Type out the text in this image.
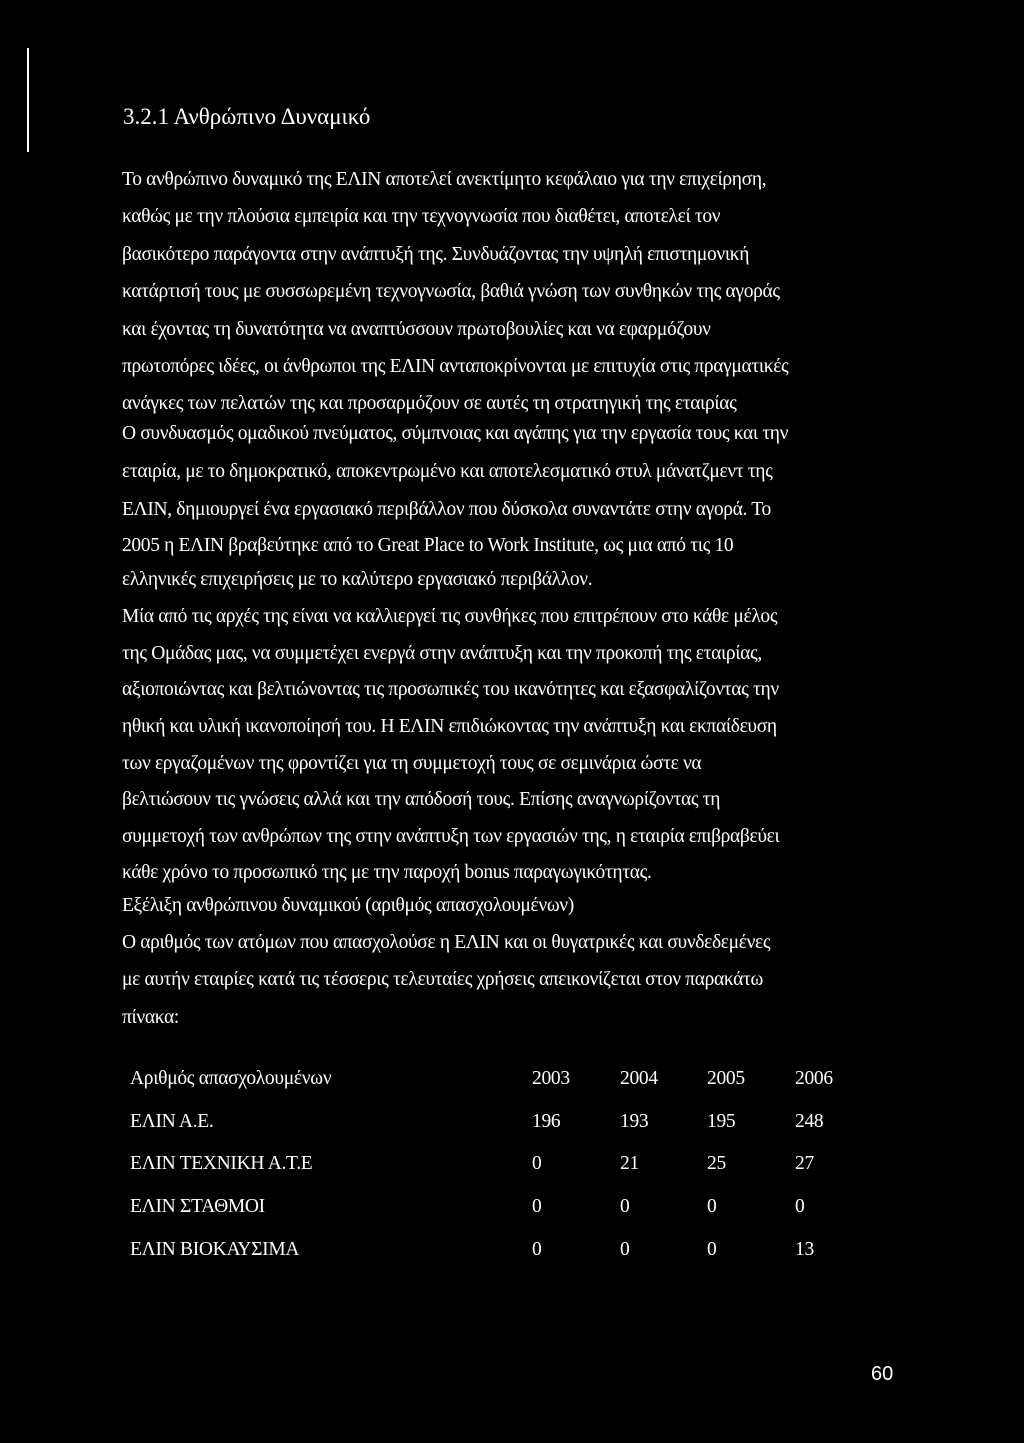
3.2.1 Ανθρώπινο Δυναμικό
Το ανθρώπινο δυναμικό της ΕΛΙΝ αποτελεί ανεκτίμητο κεφάλαιο για την επιχείρηση,
καθώς με την πλούσια εμπειρία και την τεχνογνωσία που διαθέτει, αποτελεί τον
βασικότερο παράγοντα στην ανάπτυξή της. Συνδυάζοντας την υψηλή επιστημονική
κατάρτισή τους με συσσωρεμένη τεχνογνωσία, βαθιά γνώση των συνθηκών της αγοράς
και έχοντας τη δυνατότητα να αναπτύσσουν πρωτοβουλίες και να εφαρμόζουν
πρωτοπόρες ιδέες, οι άνθρωποι της ΕΛΙΝ ανταποκρίνονται με επιτυχία στις πραγματικές
ανάγκες των πελατών της και προσαρμόζουν σε αυτές τη στρατηγική της εταιρίας
Ο συνδυασμός ομαδικού πνεύματος, σύμπνοιας και αγάπης για την εργασία τους και την
εταιρία, με το δημοκρατικό, αποκεντρωμένο και αποτελεσματικό στυλ μάνατζμεντ της
ΕΛΙΝ, δημιουργεί ένα εργασιακό περιβάλλον που δύσκολα συναντάτε στην αγορά. Το
2005 η ΕΛΙΝ βραβεύτηκε από το Great Place to Work Institute, ως μια από τις 10
ελληνικές επιχειρήσεις με το καλύτερο εργασιακό περιβάλλον.
Μία από τις αρχές της είναι να καλλιεργεί τις συνθήκες που επιτρέπουν στο κάθε μέλος
της Ομάδας μας, να συμμετέχει ενεργά στην ανάπτυξη και την προκοπή της εταιρίας,
αξιοποιώντας και βελτιώνοντας τις προσωπικές του ικανότητες και εξασφαλίζοντας την
ηθική και υλική ικανοποίησή του. Η ΕΛΙΝ επιδιώκοντας την ανάπτυξη και εκπαίδευση
των εργαζομένων της φροντίζει για τη συμμετοχή τους σε σεμινάρια ώστε να
βελτιώσουν τις γνώσεις αλλά και την απόδοσή τους. Επίσης αναγνωρίζοντας τη
συμμετοχή των ανθρώπων της στην ανάπτυξη των εργασιών της, η εταιρία επιβραβεύει
κάθε χρόνο το προσωπικό της με την παροχή bonus παραγωγικότητας.
Εξέλιξη ανθρώπινου δυναμικού (αριθμός απασχολουμένων)
Ο αριθμός των ατόμων που απασχολούσε η ΕΛΙΝ και οι θυγατρικές και συνδεδεμένες
με αυτήν εταιρίες κατά τις τέσσερις τελευταίες χρήσεις απεικονίζεται στον παρακάτω
πίνακα:
Αριθμός απασχολουμένων	2003	2004	2005	2006
ΕΛΙΝ Α.Ε.	196	193	195	248
ΕΛΙΝ ΤΕΧΝΙΚΗ Α.Τ.Ε	0	21	25	27
ΕΛΙΝ ΣΤΑΘΜΟΙ	0	0	0	0
ΕΛΙΝ ΒΙΟΚΑΥΣΙΜΑ	0	0	0	13
60
